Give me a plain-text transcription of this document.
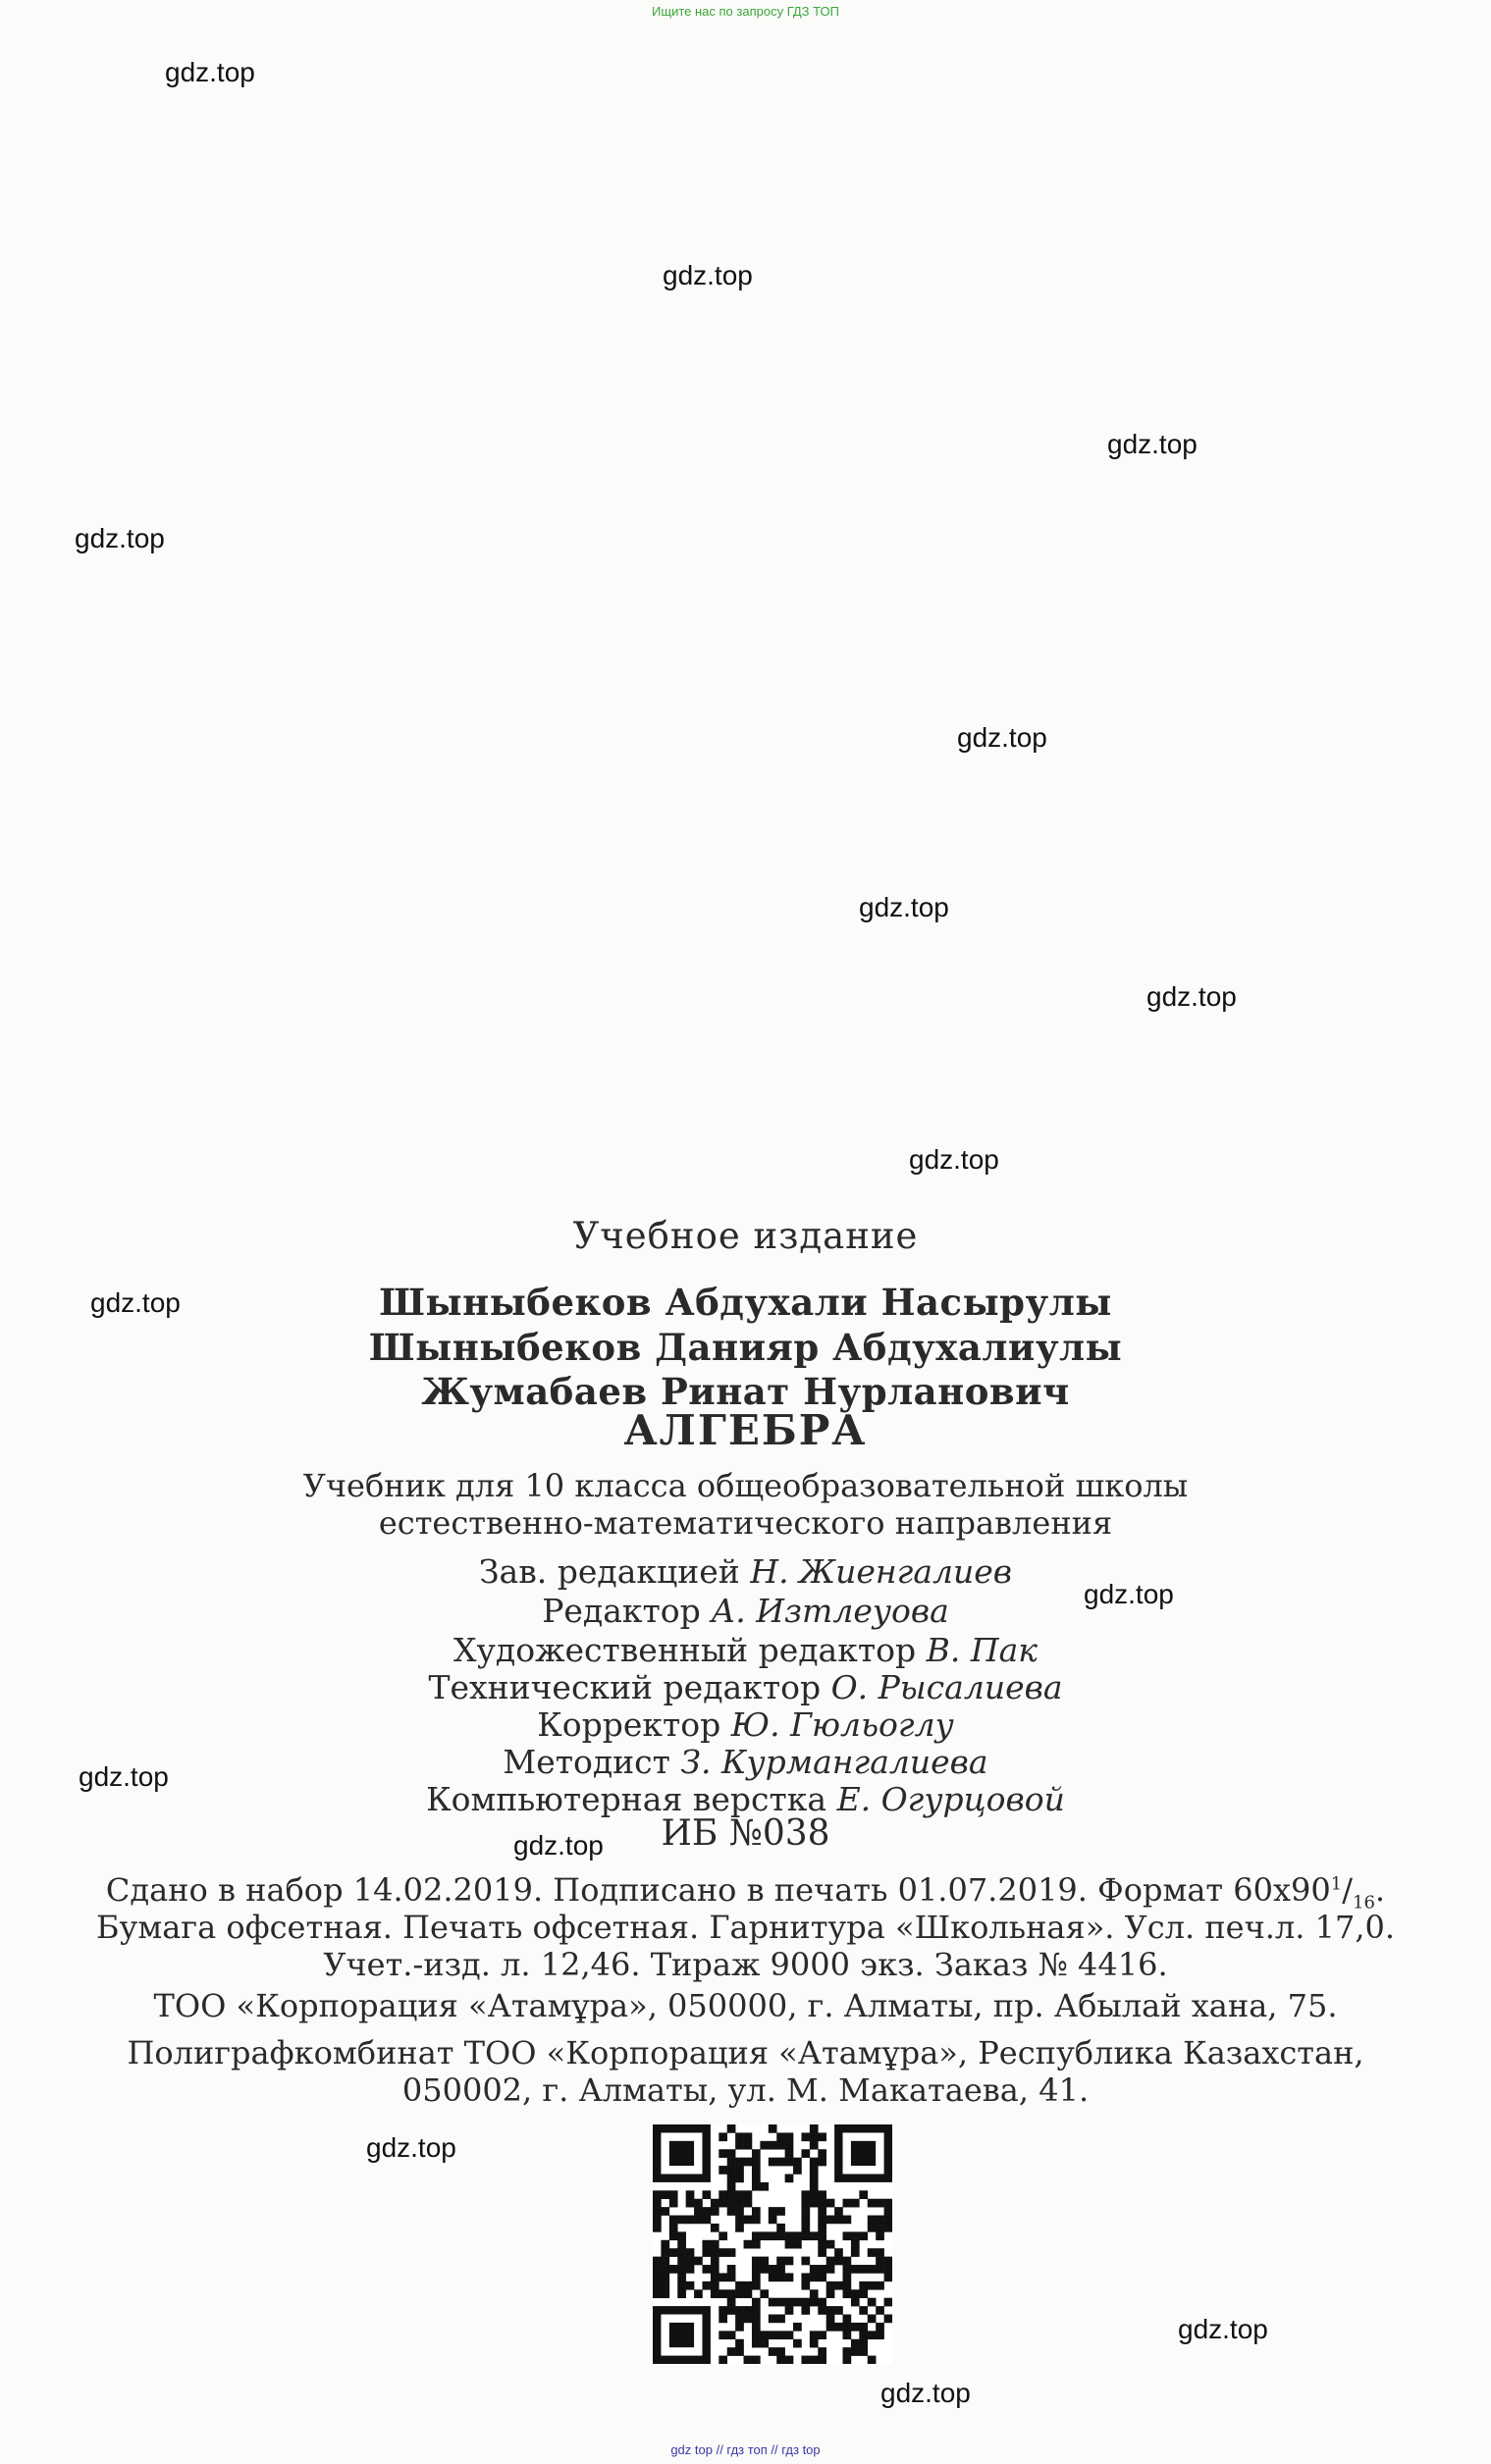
Ищите нас по запросу ГДЗ ТОП
gdz.top
gdz.top
gdz.top
gdz.top
gdz.top
gdz.top
gdz.top
gdz.top
gdz.top
gdz.top
gdz.top
gdz.top
gdz.top
gdz.top
gdz.top
Учебное издание
Шыныбеков Абдухали Насырулы
Шыныбеков Данияр Абдухалиулы
Жумабаев Ринат Нурланович
АЛГЕБРА
Учебник для 10 класса общеобразовательной школы
естественно-математического направления
Зав. редакцией Н. Жиенгалиев
Редактор А. Изтлеуова
Художественный редактор В. Пак
Технический редактор О. Рысалиева
Корректор Ю. Гюльоглу
Методист З. Курмангалиева
Компьютерная верстка Е. Огурцовой
ИБ №038
Сдано в набор 14.02.2019. Подписано в печать 01.07.2019. Формат $60x90^1/_{16}$.
Бумага офсетная. Печать офсетная. Гарнитура «Школьная». Усл. печ.л. 17,0.
Учет.-изд. л. 12,46. Тираж 9000 экз. Заказ № 4416.
ТОО «Корпорация «Атамұра», 050000, г. Алматы, пр. Абылай хана, 75.
Полиграфкомбинат ТОО «Корпорация «Атамұра», Республика Казахстан,
050002, г. Алматы, ул. М. Макатаева, 41.
gdz top // гдз топ // гдз top
